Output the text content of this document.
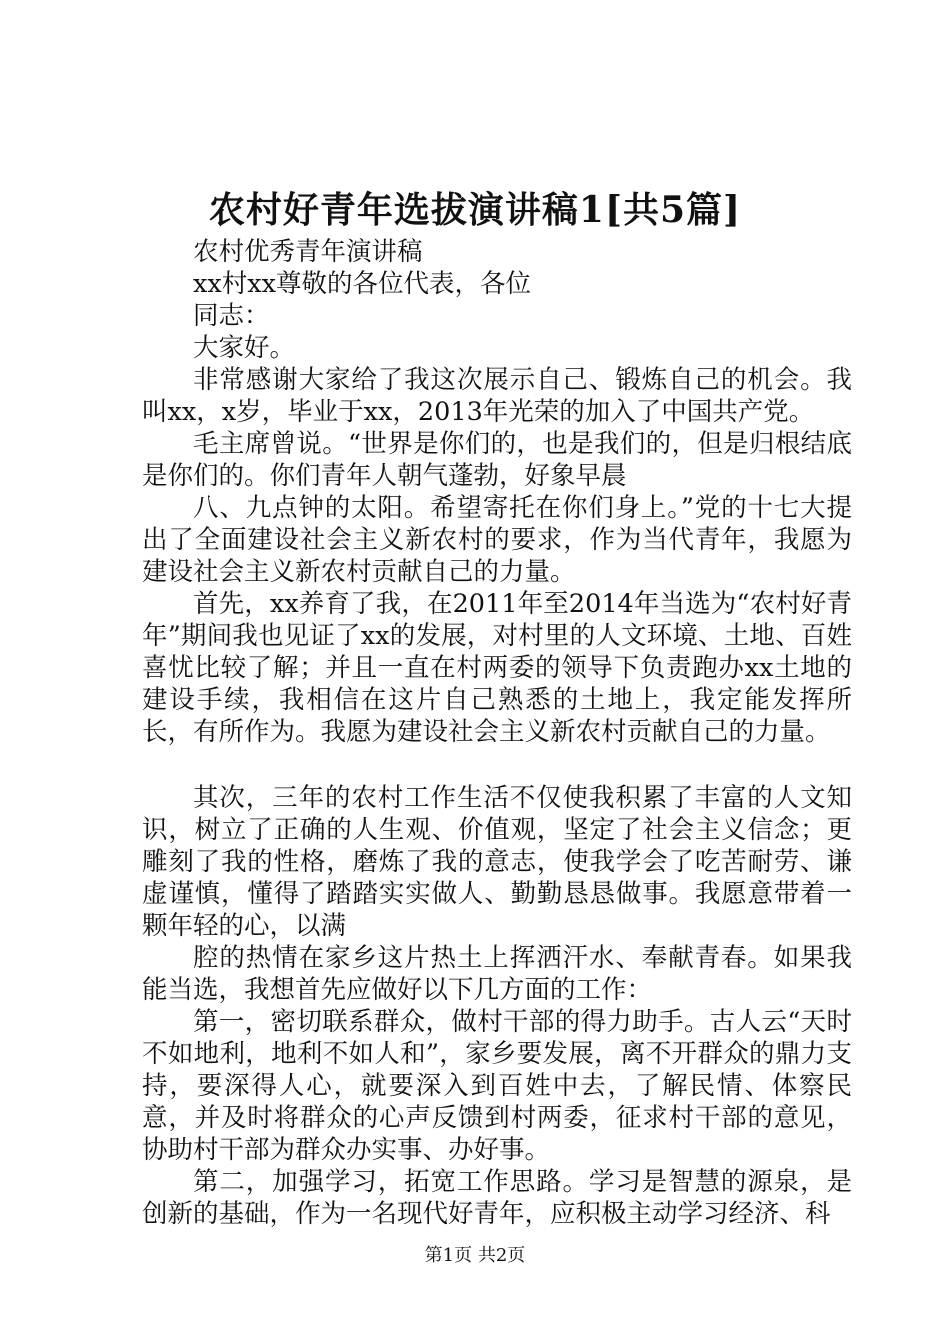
农村好青年选拔演讲稿1[共5篇]

农村优秀青年演讲稿

xx村xx尊敬的各位代表，各位

同志：

大家好。

非常感谢大家给了我这次展示自己、锻炼自己的机会。我叫xx，x岁，毕业于xx，2013年光荣的加入了中国共产党。

毛主席曾说。“世界是你们的，也是我们的，但是归根结底是你们的。你们青年人朝气蓬勃，好象早晨

八、九点钟的太阳。希望寄托在你们身上。”党的十七大提出了全面建设社会主义新农村的要求，作为当代青年，我愿为建设社会主义新农村贡献自己的力量。

首先，xx养育了我，在2011年至2014年当选为“农村好青年”期间我也见证了xx的发展，对村里的人文环境、土地、百姓喜忧比较了解；并且一直在村两委的领导下负责跑办xx土地的建设手续，我相信在这片自己熟悉的土地上，我定能发挥所长，有所作为。我愿为建设社会主义新农村贡献自己的力量。

其次，三年的农村工作生活不仅使我积累了丰富的人文知识，树立了正确的人生观、价值观，坚定了社会主义信念；更雕刻了我的性格，磨炼了我的意志，使我学会了吃苦耐劳、谦虚谨慎，懂得了踏踏实实做人、勤勤恳恳做事。我愿意带着一颗年轻的心，以满

腔的热情在家乡这片热土上挥洒汗水、奉献青春。如果我能当选，我想首先应做好以下几方面的工作：

第一，密切联系群众，做村干部的得力助手。古人云“天时不如地利，地利不如人和”，家乡要发展，离不开群众的鼎力支持，要深得人心，就要深入到百姓中去，了解民情、体察民意，并及时将群众的心声反馈到村两委，征求村干部的意见，协助村干部为群众办实事、办好事。

第二，加强学习，拓宽工作思路。学习是智慧的源泉，是创新的基础，作为一名现代好青年，应积极主动学习经济、科

第1页 共2页
